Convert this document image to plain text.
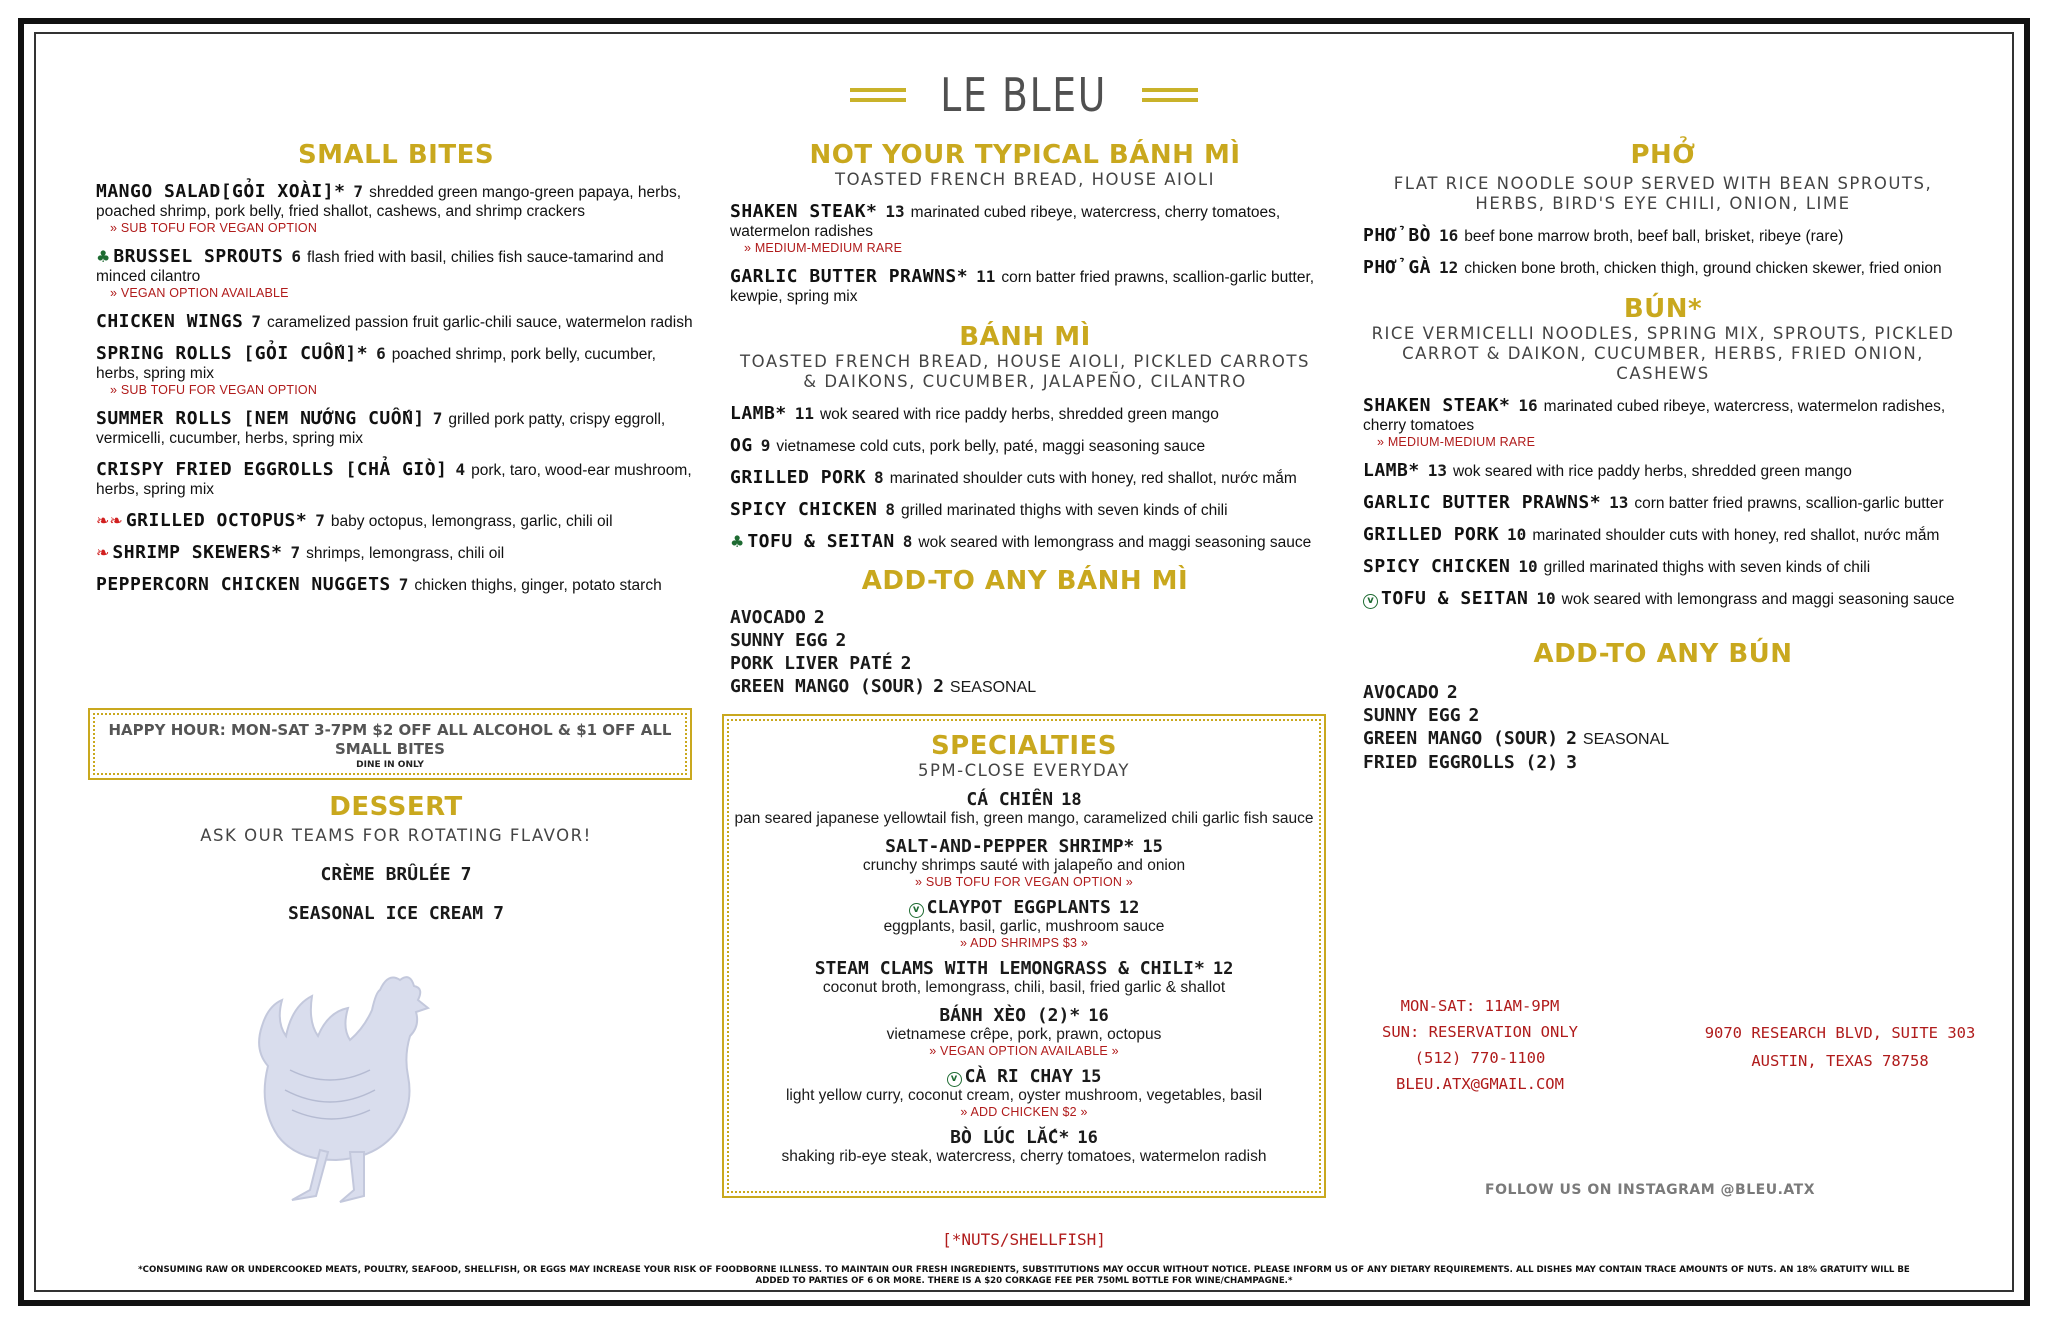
LE BLEU
SMALL BITES
MANGO SALAD[GỎI XOÀI]* 7 shredded green mango-green papaya, herbs, poached shrimp, pork belly, fried shallot, cashews, and shrimp crackers
» SUB TOFU FOR VEGAN OPTION
♣ BRUSSEL SPROUTS 6 flash fried with basil, chilies fish sauce-tamarind and minced cilantro
» VEGAN OPTION AVAILABLE
CHICKEN WINGS 7 caramelized passion fruit garlic-chili sauce, watermelon radish
SPRING ROLLS [GỎI CUỐN]* 6 poached shrimp, pork belly, cucumber, herbs, spring mix
» SUB TOFU FOR VEGAN OPTION
SUMMER ROLLS [NEM NƯỚNG CUỐN] 7 grilled pork patty, crispy eggroll, vermicelli, cucumber, herbs, spring mix
CRISPY FRIED EGGROLLS [CHẢ GIÒ] 4 pork, taro, wood-ear mushroom, herbs, spring mix
❧❧ GRILLED OCTOPUS* 7 baby octopus, lemongrass, garlic, chili oil
❧ SHRIMP SKEWERS* 7 shrimps, lemongrass, chili oil
PEPPERCORN CHICKEN NUGGETS 7 chicken thighs, ginger, potato starch
HAPPY HOUR: MON-SAT 3-7PM $2 OFF ALL ALCOHOL & $1 OFF ALL SMALL BITES
DINE IN ONLY
DESSERT
ASK OUR TEAMS FOR ROTATING FLAVOR!
CRÈME BRÛLÉE 7
SEASONAL ICE CREAM 7
NOT YOUR TYPICAL BÁNH MÌ
TOASTED FRENCH BREAD, HOUSE AIOLI
SHAKEN STEAK* 13 marinated cubed ribeye, watercress, cherry tomatoes, watermelon radishes
» MEDIUM-MEDIUM RARE
GARLIC BUTTER PRAWNS* 11 corn batter fried prawns, scallion-garlic butter, kewpie, spring mix
BÁNH MÌ
TOASTED FRENCH BREAD, HOUSE AIOLI, PICKLED CARROTS & DAIKONS, CUCUMBER, JALAPEÑO, CILANTRO
LAMB* 11 wok seared with rice paddy herbs, shredded green mango
OG 9 vietnamese cold cuts, pork belly, paté, maggi seasoning sauce
GRILLED PORK 8 marinated shoulder cuts with honey, red shallot, nước mắm
SPICY CHICKEN 8 grilled marinated thighs with seven kinds of chili
♣ TOFU & SEITAN 8 wok seared with lemongrass and maggi seasoning sauce
ADD-TO ANY BÁNH MÌ
AVOCADO 2
SUNNY EGG 2
PORK LIVER PATÉ 2
GREEN MANGO (SOUR) 2 SEASONAL
SPECIALTIES
5PM-CLOSE EVERYDAY
CÁ CHIÊN 18
pan seared japanese yellowtail fish, green mango, caramelized chili garlic fish sauce
SALT-AND-PEPPER SHRIMP* 15
crunchy shrimps sauté with jalapeño and onion
» SUB TOFU FOR VEGAN OPTION »
v CLAYPOT EGGPLANTS 12
eggplants, basil, garlic, mushroom sauce
» ADD SHRIMPS $3 »
STEAM CLAMS WITH LEMONGRASS & CHILI* 12
coconut broth, lemongrass, chili, basil, fried garlic & shallot
BÁNH XÈO (2)* 16
vietnamese crêpe, pork, prawn, octopus
» VEGAN OPTION AVAILABLE »
v CÀ RI CHAY 15
light yellow curry, coconut cream, oyster mushroom, vegetables, basil
» ADD CHICKEN $2 »
BÒ LÚC LẮC* 16
shaking rib-eye steak, watercress, cherry tomatoes, watermelon radish
PHỞ
FLAT RICE NOODLE SOUP SERVED WITH BEAN SPROUTS, HERBS, BIRD'S EYE CHILI, ONION, LIME
PHỞ BÒ 16 beef bone marrow broth, beef ball, brisket, ribeye (rare)
PHỞ GÀ 12 chicken bone broth, chicken thigh, ground chicken skewer, fried onion
BÚN*
RICE VERMICELLI NOODLES, SPRING MIX, SPROUTS, PICKLED CARROT & DAIKON, CUCUMBER, HERBS, FRIED ONION, CASHEWS
SHAKEN STEAK* 16 marinated cubed ribeye, watercress, watermelon radishes, cherry tomatoes
» MEDIUM-MEDIUM RARE
LAMB* 13 wok seared with rice paddy herbs, shredded green mango
GARLIC BUTTER PRAWNS* 13 corn batter fried prawns, scallion-garlic butter
GRILLED PORK 10 marinated shoulder cuts with honey, red shallot, nước mắm
SPICY CHICKEN 10 grilled marinated thighs with seven kinds of chili
v TOFU & SEITAN 10 wok seared with lemongrass and maggi seasoning sauce
ADD-TO ANY BÚN
AVOCADO 2
SUNNY EGG 2
GREEN MANGO (SOUR) 2 SEASONAL
FRIED EGGROLLS (2) 3
MON-SAT: 11AM-9PM
SUN: RESERVATION ONLY
(512) 770-1100
BLEU.ATX@GMAIL.COM
9070 RESEARCH BLVD, SUITE 303
AUSTIN, TEXAS 78758
FOLLOW US ON INSTAGRAM @BLEU.ATX
[*NUTS/SHELLFISH]
*CONSUMING RAW OR UNDERCOOKED MEATS, POULTRY, SEAFOOD, SHELLFISH, OR EGGS MAY INCREASE YOUR RISK OF FOODBORNE ILLNESS. TO MAINTAIN OUR FRESH INGREDIENTS, SUBSTITUTIONS MAY OCCUR WITHOUT NOTICE. PLEASE INFORM US OF ANY DIETARY REQUIREMENTS. ALL DISHES MAY CONTAIN TRACE AMOUNTS OF NUTS. AN 18% GRATUITY WILL BE ADDED TO PARTIES OF 6 OR MORE. THERE IS A $20 CORKAGE FEE PER 750ML BOTTLE FOR WINE/CHAMPAGNE.*
